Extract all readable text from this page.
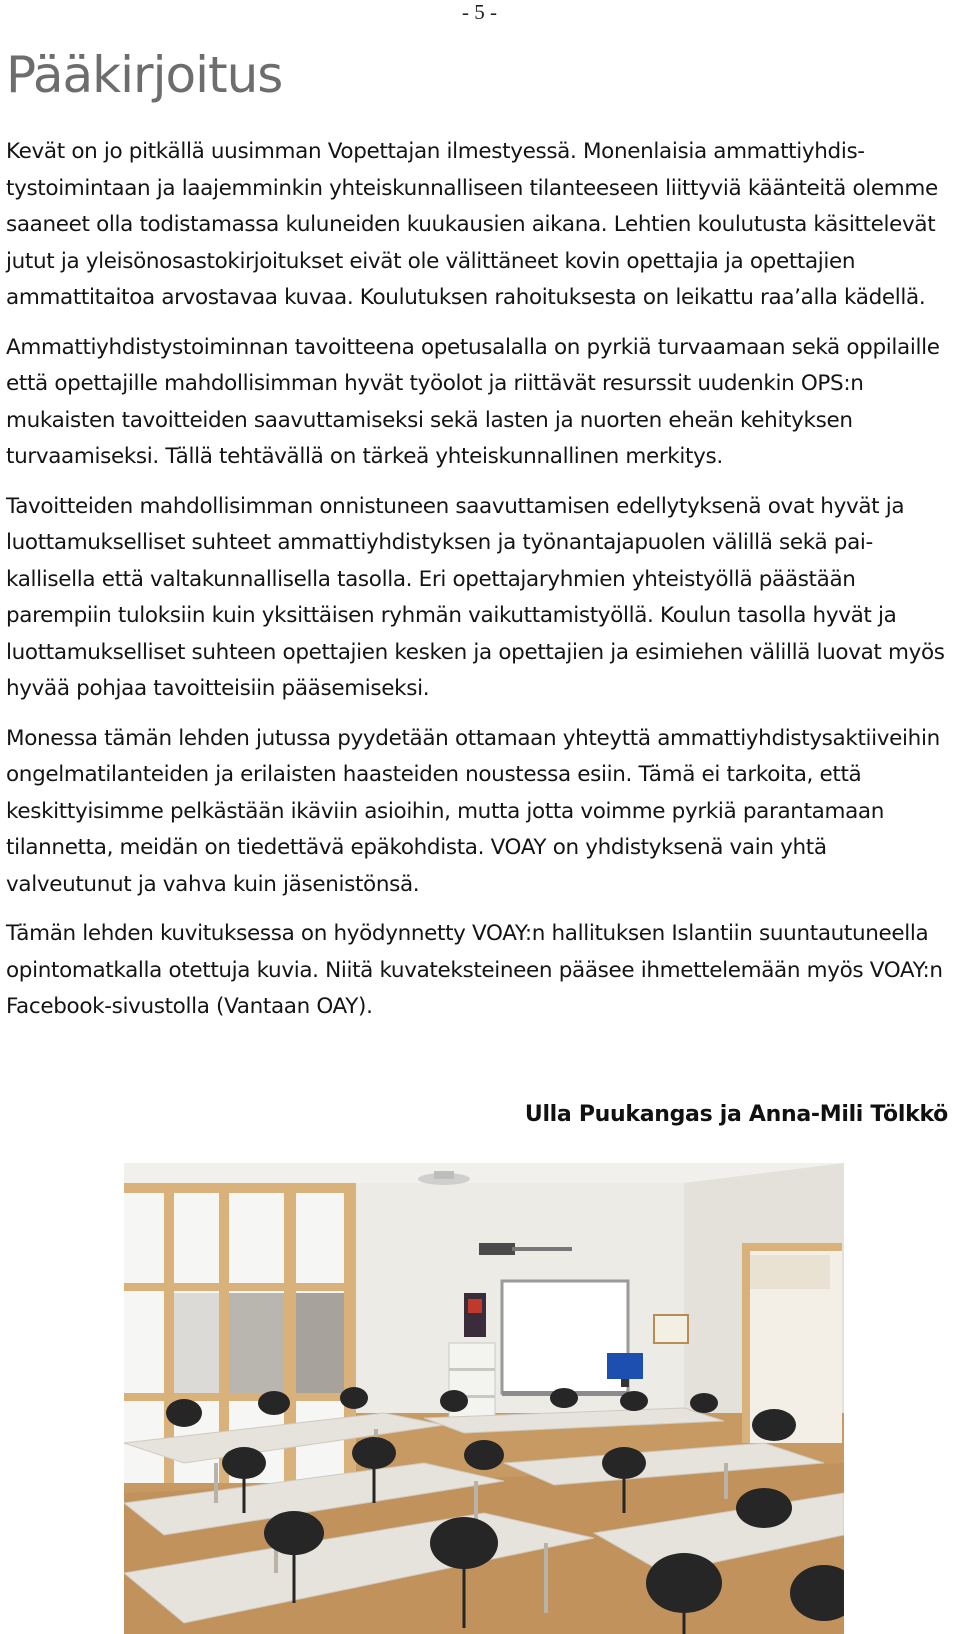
- 5 -
Pääkirjoitus

Kevät on jo pitkällä uusimman Vopettajan ilmestyessä. Monenlaisia ammattiyhdistystoimintaan ja laajemminkin yhteiskunnalliseen tilanteeseen liittyviä käänteitä olemme saaneet olla todistamassa kuluneiden kuukausien aikana. Lehtien koulutusta käsittelevät jutut ja yleisönosastokirjoitukset eivät ole välittäneet kovin opettajia ja opettajien ammattitaitoa arvostavaa kuvaa. Koulutuksen rahoituksesta on leikattu raa’alla kädellä.

Ammattiyhdistystoiminnan tavoitteena opetusalalla on pyrkiä turvaamaan sekä oppilaille että opettajille mahdollisimman hyvät työolot ja riittävät resurssit uudenkin OPS:n mukaisten tavoitteiden saavuttamiseksi sekä lasten ja nuorten eheän kehityksen turvaamiseksi. Tällä tehtävällä on tärkeä yhteiskunnallinen merkitys.

Tavoitteiden mahdollisimman onnistuneen saavuttamisen edellytyksenä ovat hyvät ja luottamukselliset suhteet ammattiyhdistyksen ja työnantajapuolen välillä sekä paikallisella että valtakunnallisella tasolla. Eri opettajaryhmien yhteistyöllä päästään parempiin tuloksiin kuin yksittäisen ryhmän vaikuttamistyöllä. Koulun tasolla hyvät ja luottamukselliset suhteen opettajien kesken ja opettajien ja esimiehen välillä luovat myös hyvää pohjaa tavoitteisiin pääsemiseksi.

Monessa tämän lehden jutussa pyydetään ottamaan yhteyttä ammattiyhdistysaktiiveihin ongelmatilanteiden ja erilaisten haasteiden noustessa esiin. Tämä ei tarkoita, että keskittyisimme pelkästään ikäviin asioihin, mutta jotta voimme pyrkiä parantamaan tilannetta, meidän on tiedettävä epäkohdista. VOAY on yhdistyksenä vain yhtä valveutunut ja vahva kuin jäsenistönsä.

Tämän lehden kuvituksessa on hyödynnetty VOAY:n hallituksen Islantiin suuntautuneella opintomatkalla otettuja kuvia. Niitä kuvateksteineen pääsee ihmettelemään myös VOAY:n Facebook-sivustolla (Vantaan OAY).

Ulla Puukangas ja Anna-Mili Tölkkö
